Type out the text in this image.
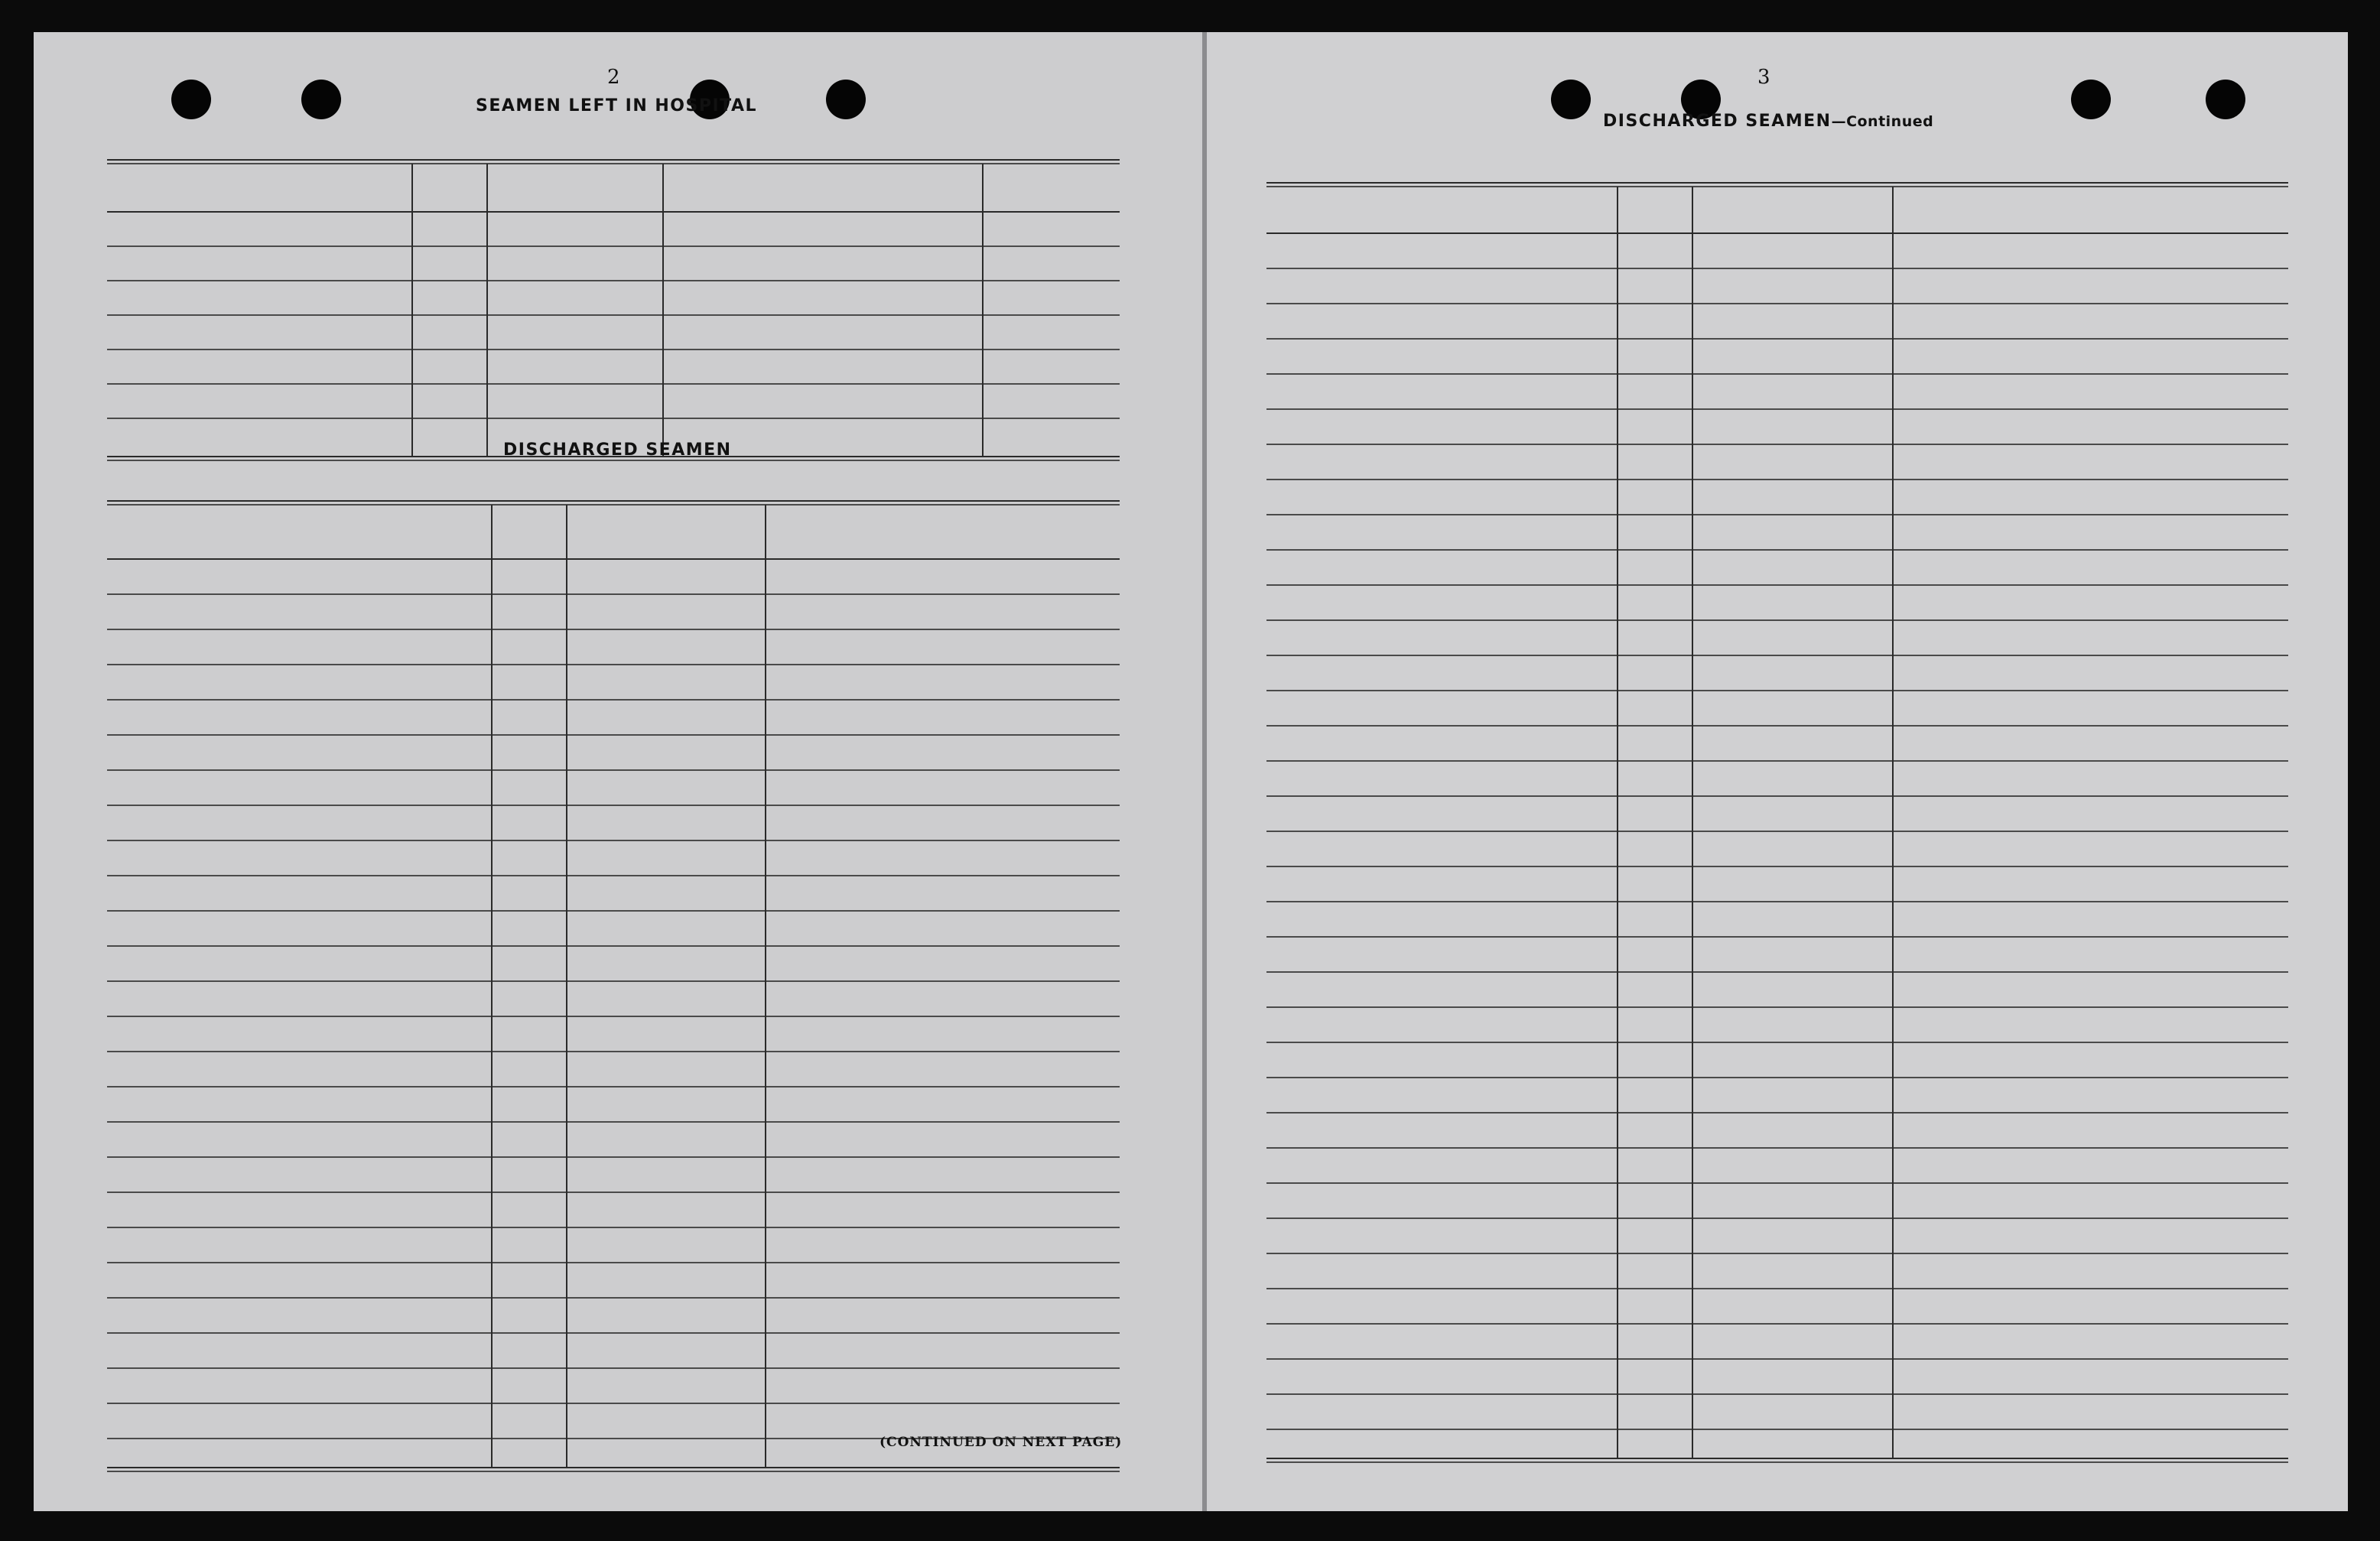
2
SEAMEN LEFT IN HOSPITAL
DISCHARGED SEAMEN
(CONTINUED ON NEXT PAGE)
3
DISCHARGED SEAMEN—Continued
